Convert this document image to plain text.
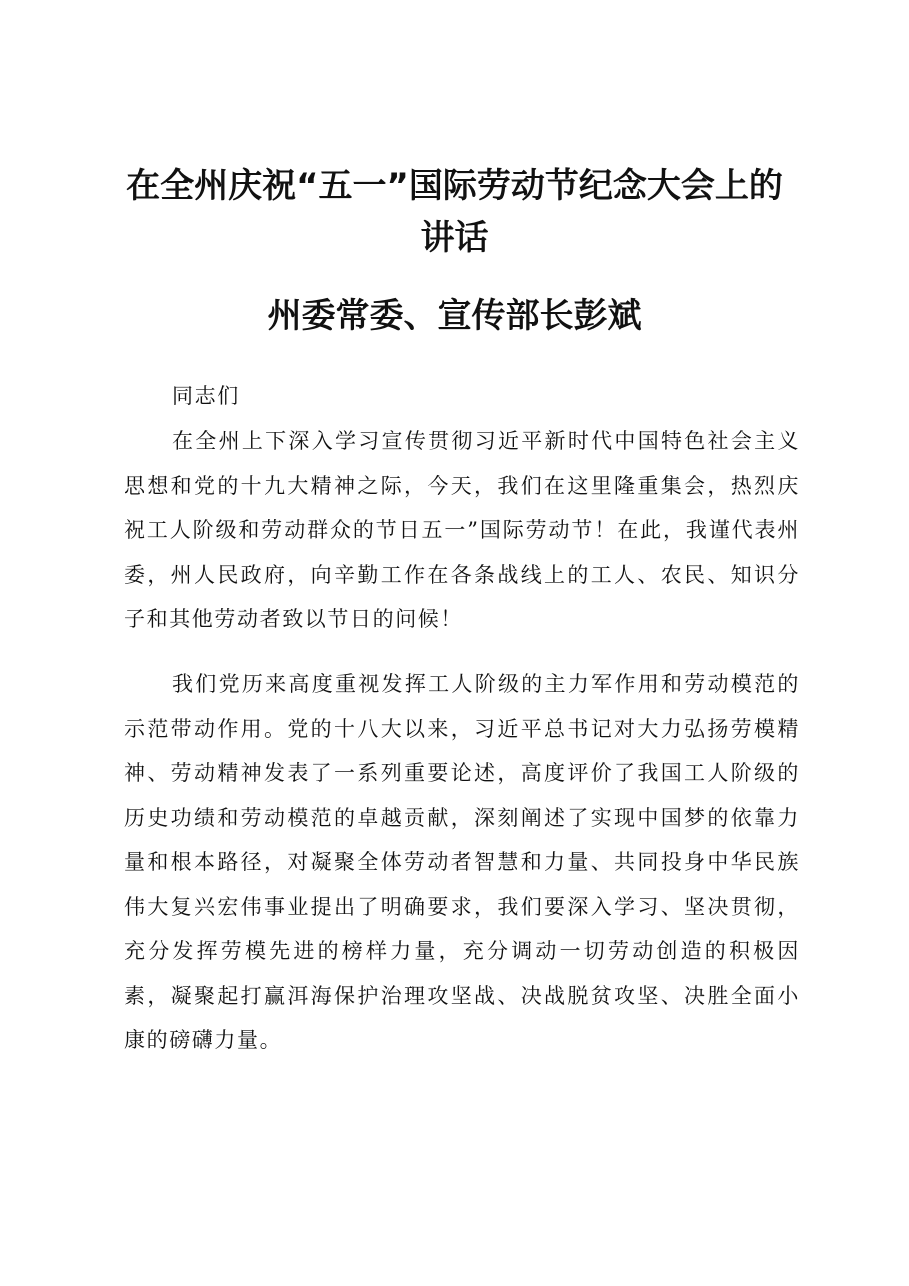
在全州庆祝“五一”国际劳动节纪念大会上的
讲话
州委常委、宣传部长彭斌

同志们

在全州上下深入学习宣传贯彻习近平新时代中国特色社会主义思想和党的十九大精神之际，今天，我们在这里隆重集会，热烈庆祝工人阶级和劳动群众的节日五一”国际劳动节！在此，我谨代表州委，州人民政府，向辛勤工作在各条战线上的工人、农民、知识分子和其他劳动者致以节日的问候！

我们党历来高度重视发挥工人阶级的主力军作用和劳动模范的示范带动作用。党的十八大以来，习近平总书记对大力弘扬劳模精神、劳动精神发表了一系列重要论述，高度评价了我国工人阶级的历史功绩和劳动模范的卓越贡献，深刻阐述了实现中国梦的依靠力量和根本路径，对凝聚全体劳动者智慧和力量、共同投身中华民族伟大复兴宏伟事业提出了明确要求，我们要深入学习、坚决贯彻，充分发挥劳模先进的榜样力量，充分调动一切劳动创造的积极因素，凝聚起打赢洱海保护治理攻坚战、决战脱贫攻坚、决胜全面小康的磅礴力量。
